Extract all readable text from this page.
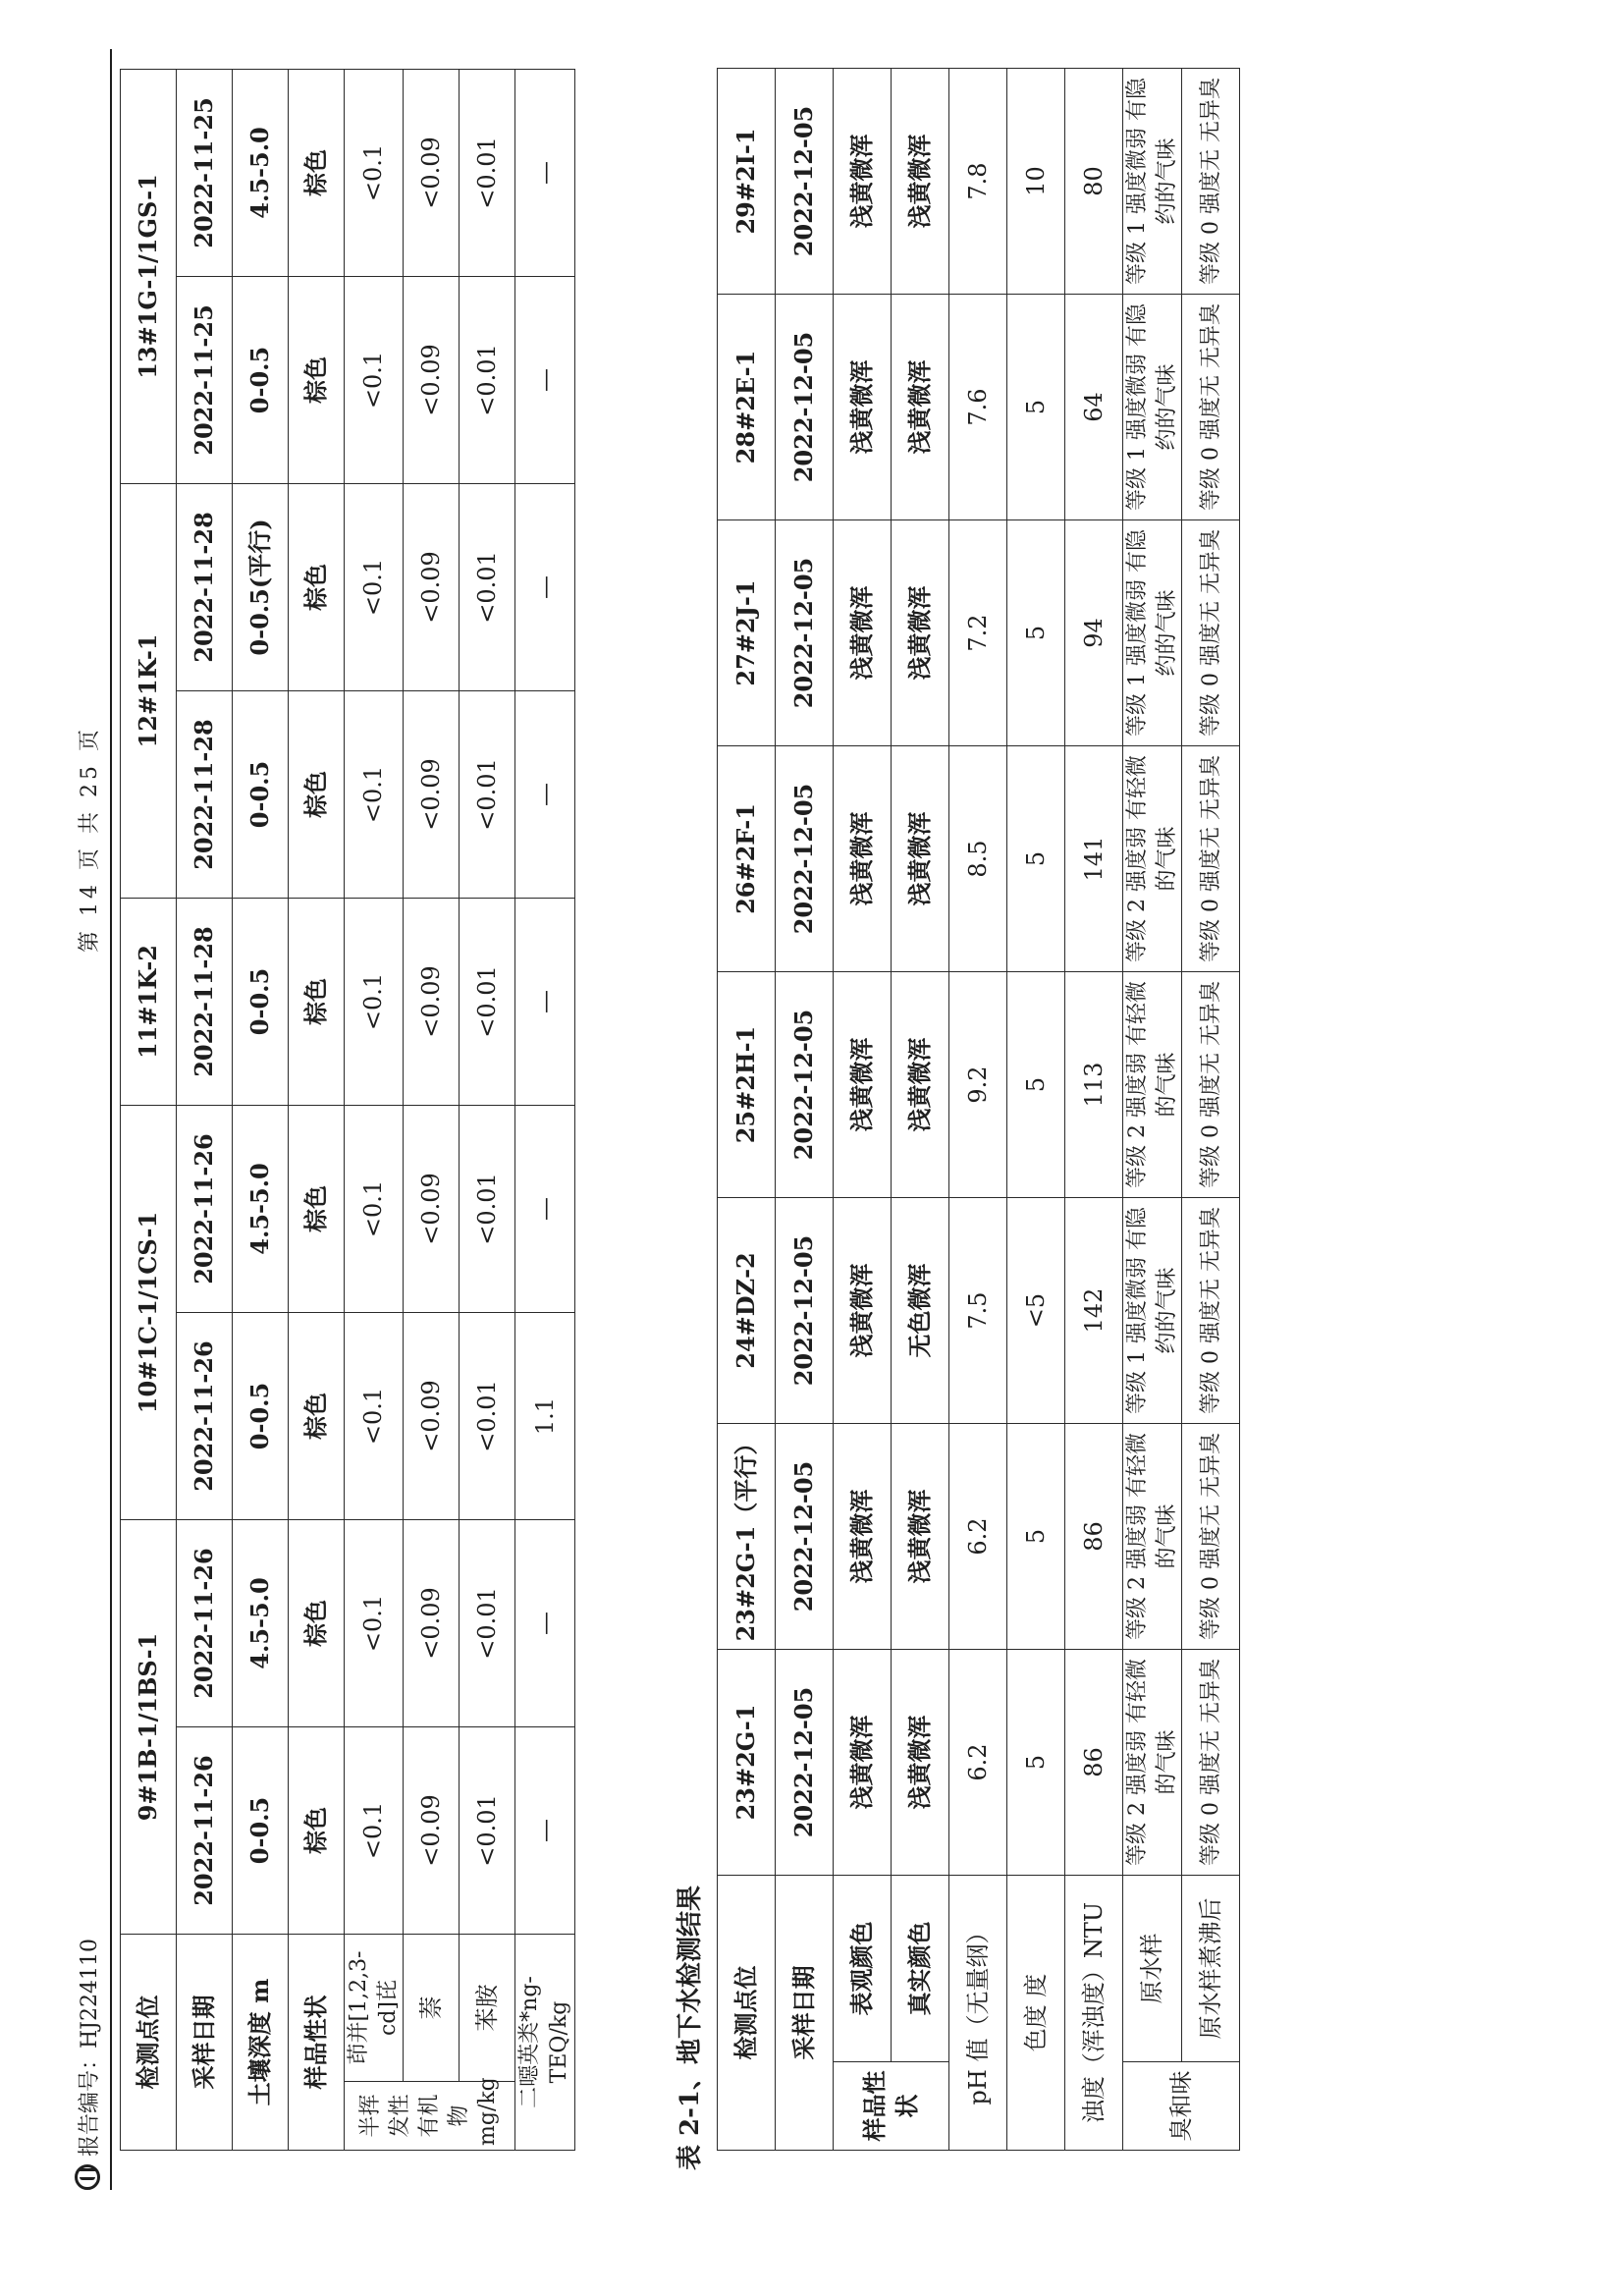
报告编号：HJ224110
第 14 页 共 25 页
检测点位		9#1B-1/1BS-1		10#1C-1/1CS-1		11#1K-2	12#1K-1		13#1G-1/1GS-1	
采样日期		2022-11-26	2022-11-26	2022-11-26	2022-11-26	2022-11-28	2022-11-28	2022-11-28	2022-11-25	2022-11-25
土壤深度 m		0-0.5	4.5-5.0	0-0.5	4.5-5.0	0-0.5	0-0.5	0-0.5(平行)	0-0.5	4.5-5.0
样品性状		棕色	棕色	棕色	棕色	棕色	棕色	棕色	棕色	棕色
半挥发性有机物 mg/kg	茚并[1,2,3-cd]芘	<0.1	<0.1	<0.1	<0.1	<0.1	<0.1	<0.1	<0.1	<0.1
	萘	<0.09	<0.09	<0.09	<0.09	<0.09	<0.09	<0.09	<0.09	<0.09
	苯胺	<0.01	<0.01	<0.01	<0.01	<0.01	<0.01	<0.01	<0.01	<0.01
二噁英类*ng-TEQ/kg		—	—	1.1	—	—	—	—	—	—
表 2-1、地下水检测结果 检测点位		23#2G-1	23#2G-1（平行）	24#DZ-2	25#2H-1	26#2F-1	27#2J-1	28#2E-1	29#2I-1
采样日期		2022-12-05	2022-12-05	2022-12-05	2022-12-05	2022-12-05	2022-12-05	2022-12-05	2022-12-05
样品性状	表观颜色	浅黄微浑	浅黄微浑	浅黄微浑	浅黄微浑	浅黄微浑	浅黄微浑	浅黄微浑	浅黄微浑
	真实颜色	浅黄微浑	浅黄微浑	无色微浑	浅黄微浑	浅黄微浑	浅黄微浑	浅黄微浑	浅黄微浑
pH 值（无量纲）		6.2	6.2	7.5	9.2	8.5	7.2	7.6	7.8
色度 度		5	5	<5	5	5	5	5	10
浊度（浑浊度）NTU		86	86	142	113	141	94	64	80
臭和味	原水样	等级 2 强度弱 有轻微的气味	等级 2 强度弱 有轻微的气味	等级 1 强度微弱 有隐约的气味	等级 2 强度弱 有轻微的气味	等级 2 强度弱 有轻微的气味	等级 1 强度微弱 有隐约的气味	等级 1 强度微弱 有隐约的气味	等级 1 强度微弱 有隐约的气味
	原水样煮沸后	等级 0 强度无 无异臭	等级 0 强度无 无异臭	等级 0 强度无 无异臭	等级 0 强度无 无异臭	等级 0 强度无 无异臭	等级 0 强度无 无异臭	等级 0 强度无 无异臭	等级 0 强度无 无异臭
